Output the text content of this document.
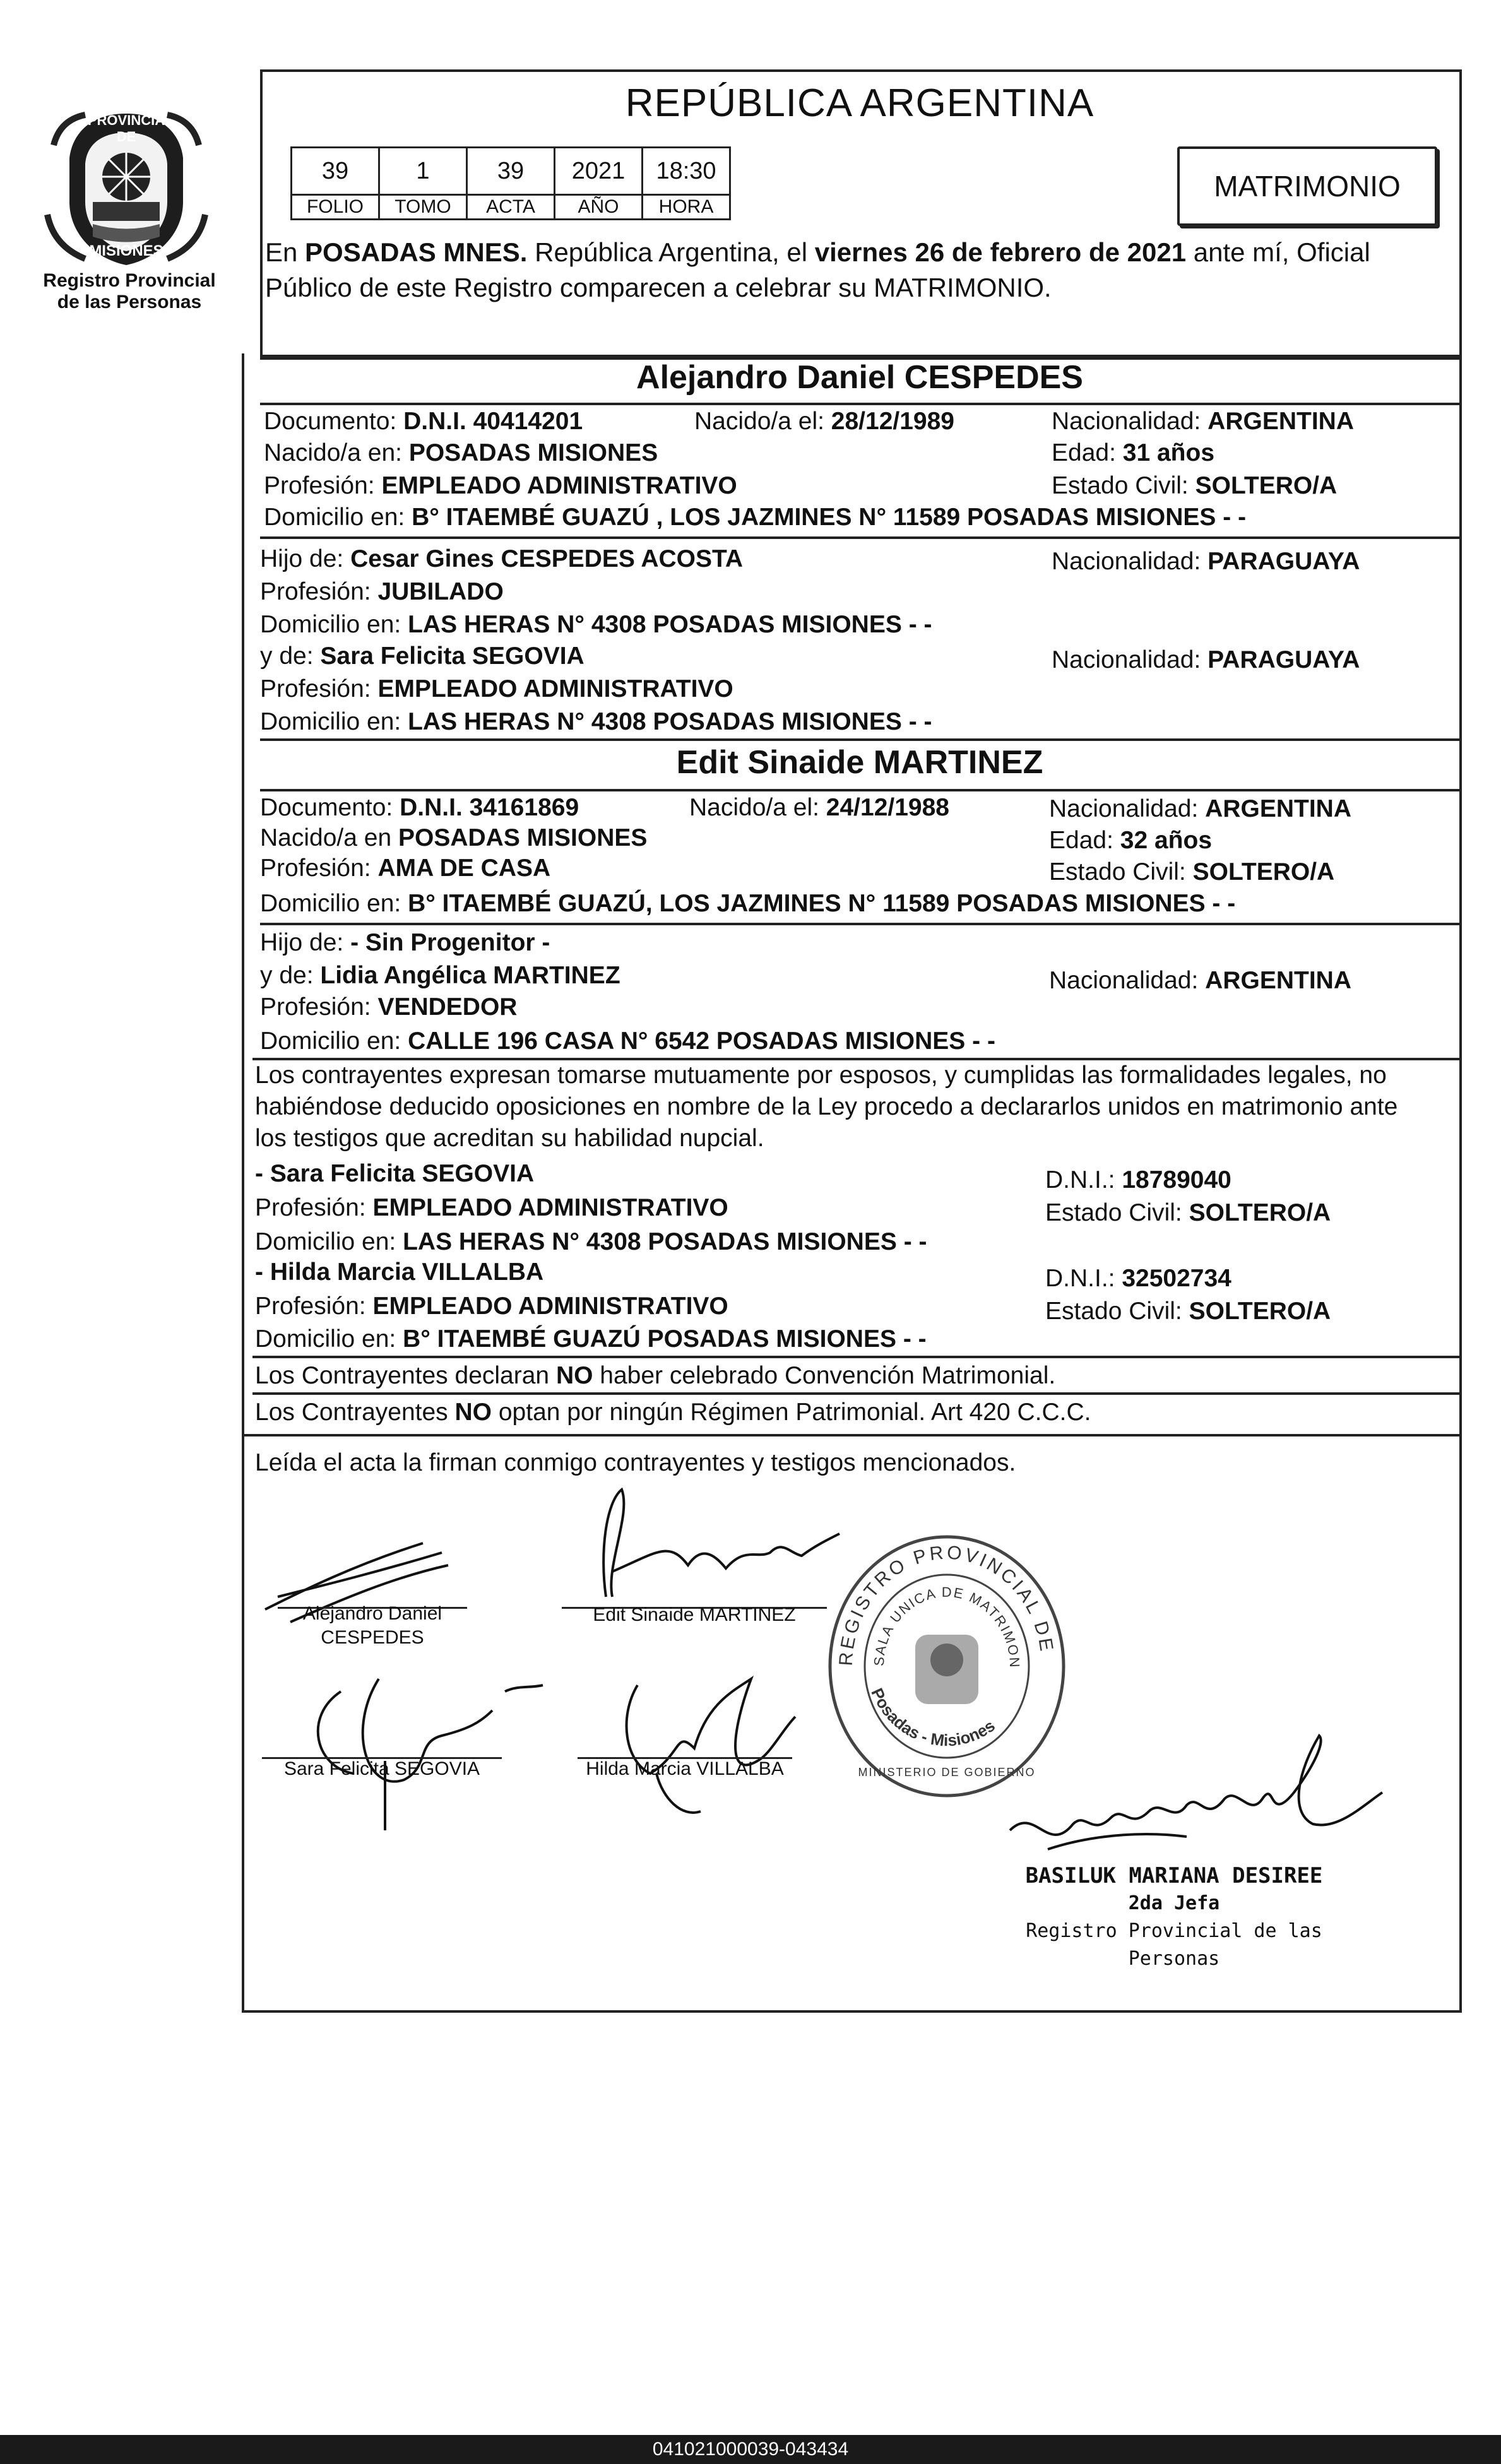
PROVINCIA DE
MISIONES
Registro Provincial
de las Personas
REPÚBLICA ARGENTINA
39	1	39	2021	18:30
FOLIO	TOMO	ACTA	AÑO	HORA
MATRIMONIO
En POSADAS MNES. República Argentina, el viernes 26 de febrero de 2021 ante mí, Oficial
Público de este Registro comparecen a celebrar su MATRIMONIO.
Alejandro Daniel CESPEDES
Documento: D.N.I. 40414201	Nacido/a el: 28/12/1989	Nacionalidad: ARGENTINA
Nacido/a en: POSADAS MISIONES	Edad: 31 años
Profesión: EMPLEADO ADMINISTRATIVO	Estado Civil: SOLTERO/A
Domicilio en: B° ITAEMBÉ GUAZÚ , LOS JAZMINES N° 11589 POSADAS MISIONES - -
Hijo de: Cesar Gines CESPEDES ACOSTA	Nacionalidad: PARAGUAYA
Profesión: JUBILADO
Domicilio en: LAS HERAS N° 4308 POSADAS MISIONES - -
y de: Sara Felicita SEGOVIA	Nacionalidad: PARAGUAYA
Profesión: EMPLEADO ADMINISTRATIVO
Domicilio en: LAS HERAS N° 4308 POSADAS MISIONES - -
Edit Sinaide MARTINEZ
Documento: D.N.I. 34161869	Nacido/a el: 24/12/1988	Nacionalidad: ARGENTINA
Nacido/a en POSADAS MISIONES	Edad: 32 años
Profesión: AMA DE CASA	Estado Civil: SOLTERO/A
Domicilio en: B° ITAEMBÉ GUAZÚ, LOS JAZMINES N° 11589 POSADAS MISIONES - -
Hijo de: - Sin Progenitor -
y de: Lidia Angélica MARTINEZ	Nacionalidad: ARGENTINA
Profesión: VENDEDOR
Domicilio en: CALLE 196 CASA N° 6542 POSADAS MISIONES - -
Los contrayentes expresan tomarse mutuamente por esposos, y cumplidas las formalidades legales, no
habiéndose deducido oposiciones en nombre de la Ley procedo a declararlos unidos en matrimonio ante
los testigos que acreditan su habilidad nupcial.
- Sara Felicita SEGOVIA	D.N.I.: 18789040
Profesión: EMPLEADO ADMINISTRATIVO	Estado Civil: SOLTERO/A
Domicilio en: LAS HERAS N° 4308 POSADAS MISIONES - -
- Hilda Marcia VILLALBA	D.N.I.: 32502734
Profesión: EMPLEADO ADMINISTRATIVO	Estado Civil: SOLTERO/A
Domicilio en: B° ITAEMBÉ GUAZÚ POSADAS MISIONES - -
Los Contrayentes declaran NO haber celebrado Convención Matrimonial.
Los Contrayentes NO optan por ningún Régimen Patrimonial. Art 420 C.C.C.
Leída el acta la firman conmigo contrayentes y testigos mencionados.
Alejandro Daniel
CESPEDES
Edit Sinaide MARTINEZ
Sara Felicita SEGOVIA	Hilda Marcia VILLALBA
REGISTRO PROVINCIAL DE
SALA UNICA DE MATRIMON
Posadas - Misiones
MINISTERIO DE GOBIERNO
BASILUK MARIANA DESIREE
2da Jefa
Registro Provincial de las Personas
041021000039-043434
